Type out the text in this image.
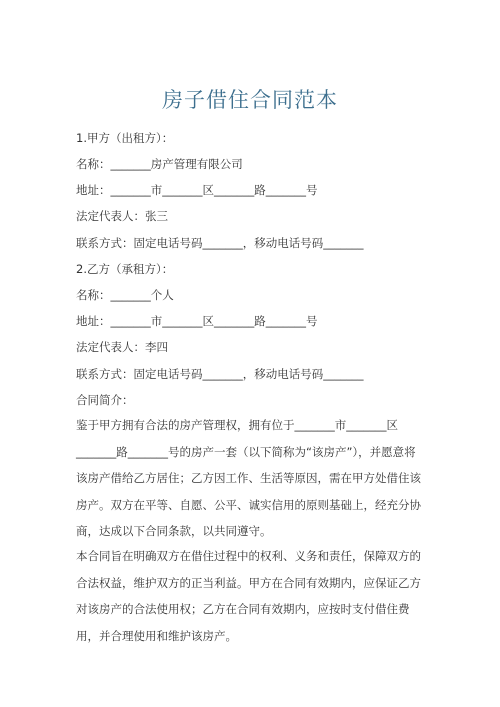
房子借住合同范本
1.甲方（出租方）：
名称：_______房产管理有限公司
地址：_______市_______区_______路_______号
法定代表人：张三
联系方式：固定电话号码_______，移动电话号码_______
2.乙方（承租方）：
名称：_______个人
地址：_______市_______区_______路_______号
法定代表人：李四
联系方式：固定电话号码_______，移动电话号码_______
合同简介：

鉴于甲方拥有合法的房产管理权，拥有位于_______市_______区_______路_______号的房产一套（以下简称为“该房产”），并愿意将该房产借给乙方居住；乙方因工作、生活等原因，需在甲方处借住该房产。双方在平等、自愿、公平、诚实信用的原则基础上，经充分协商，达成以下合同条款，以共同遵守。

本合同旨在明确双方在借住过程中的权利、义务和责任，保障双方的合法权益，维护双方的正当利益。甲方在合同有效期内，应保证乙方对该房产的合法使用权；乙方在合同有效期内，应按时支付借住费用，并合理使用和维护该房产。
